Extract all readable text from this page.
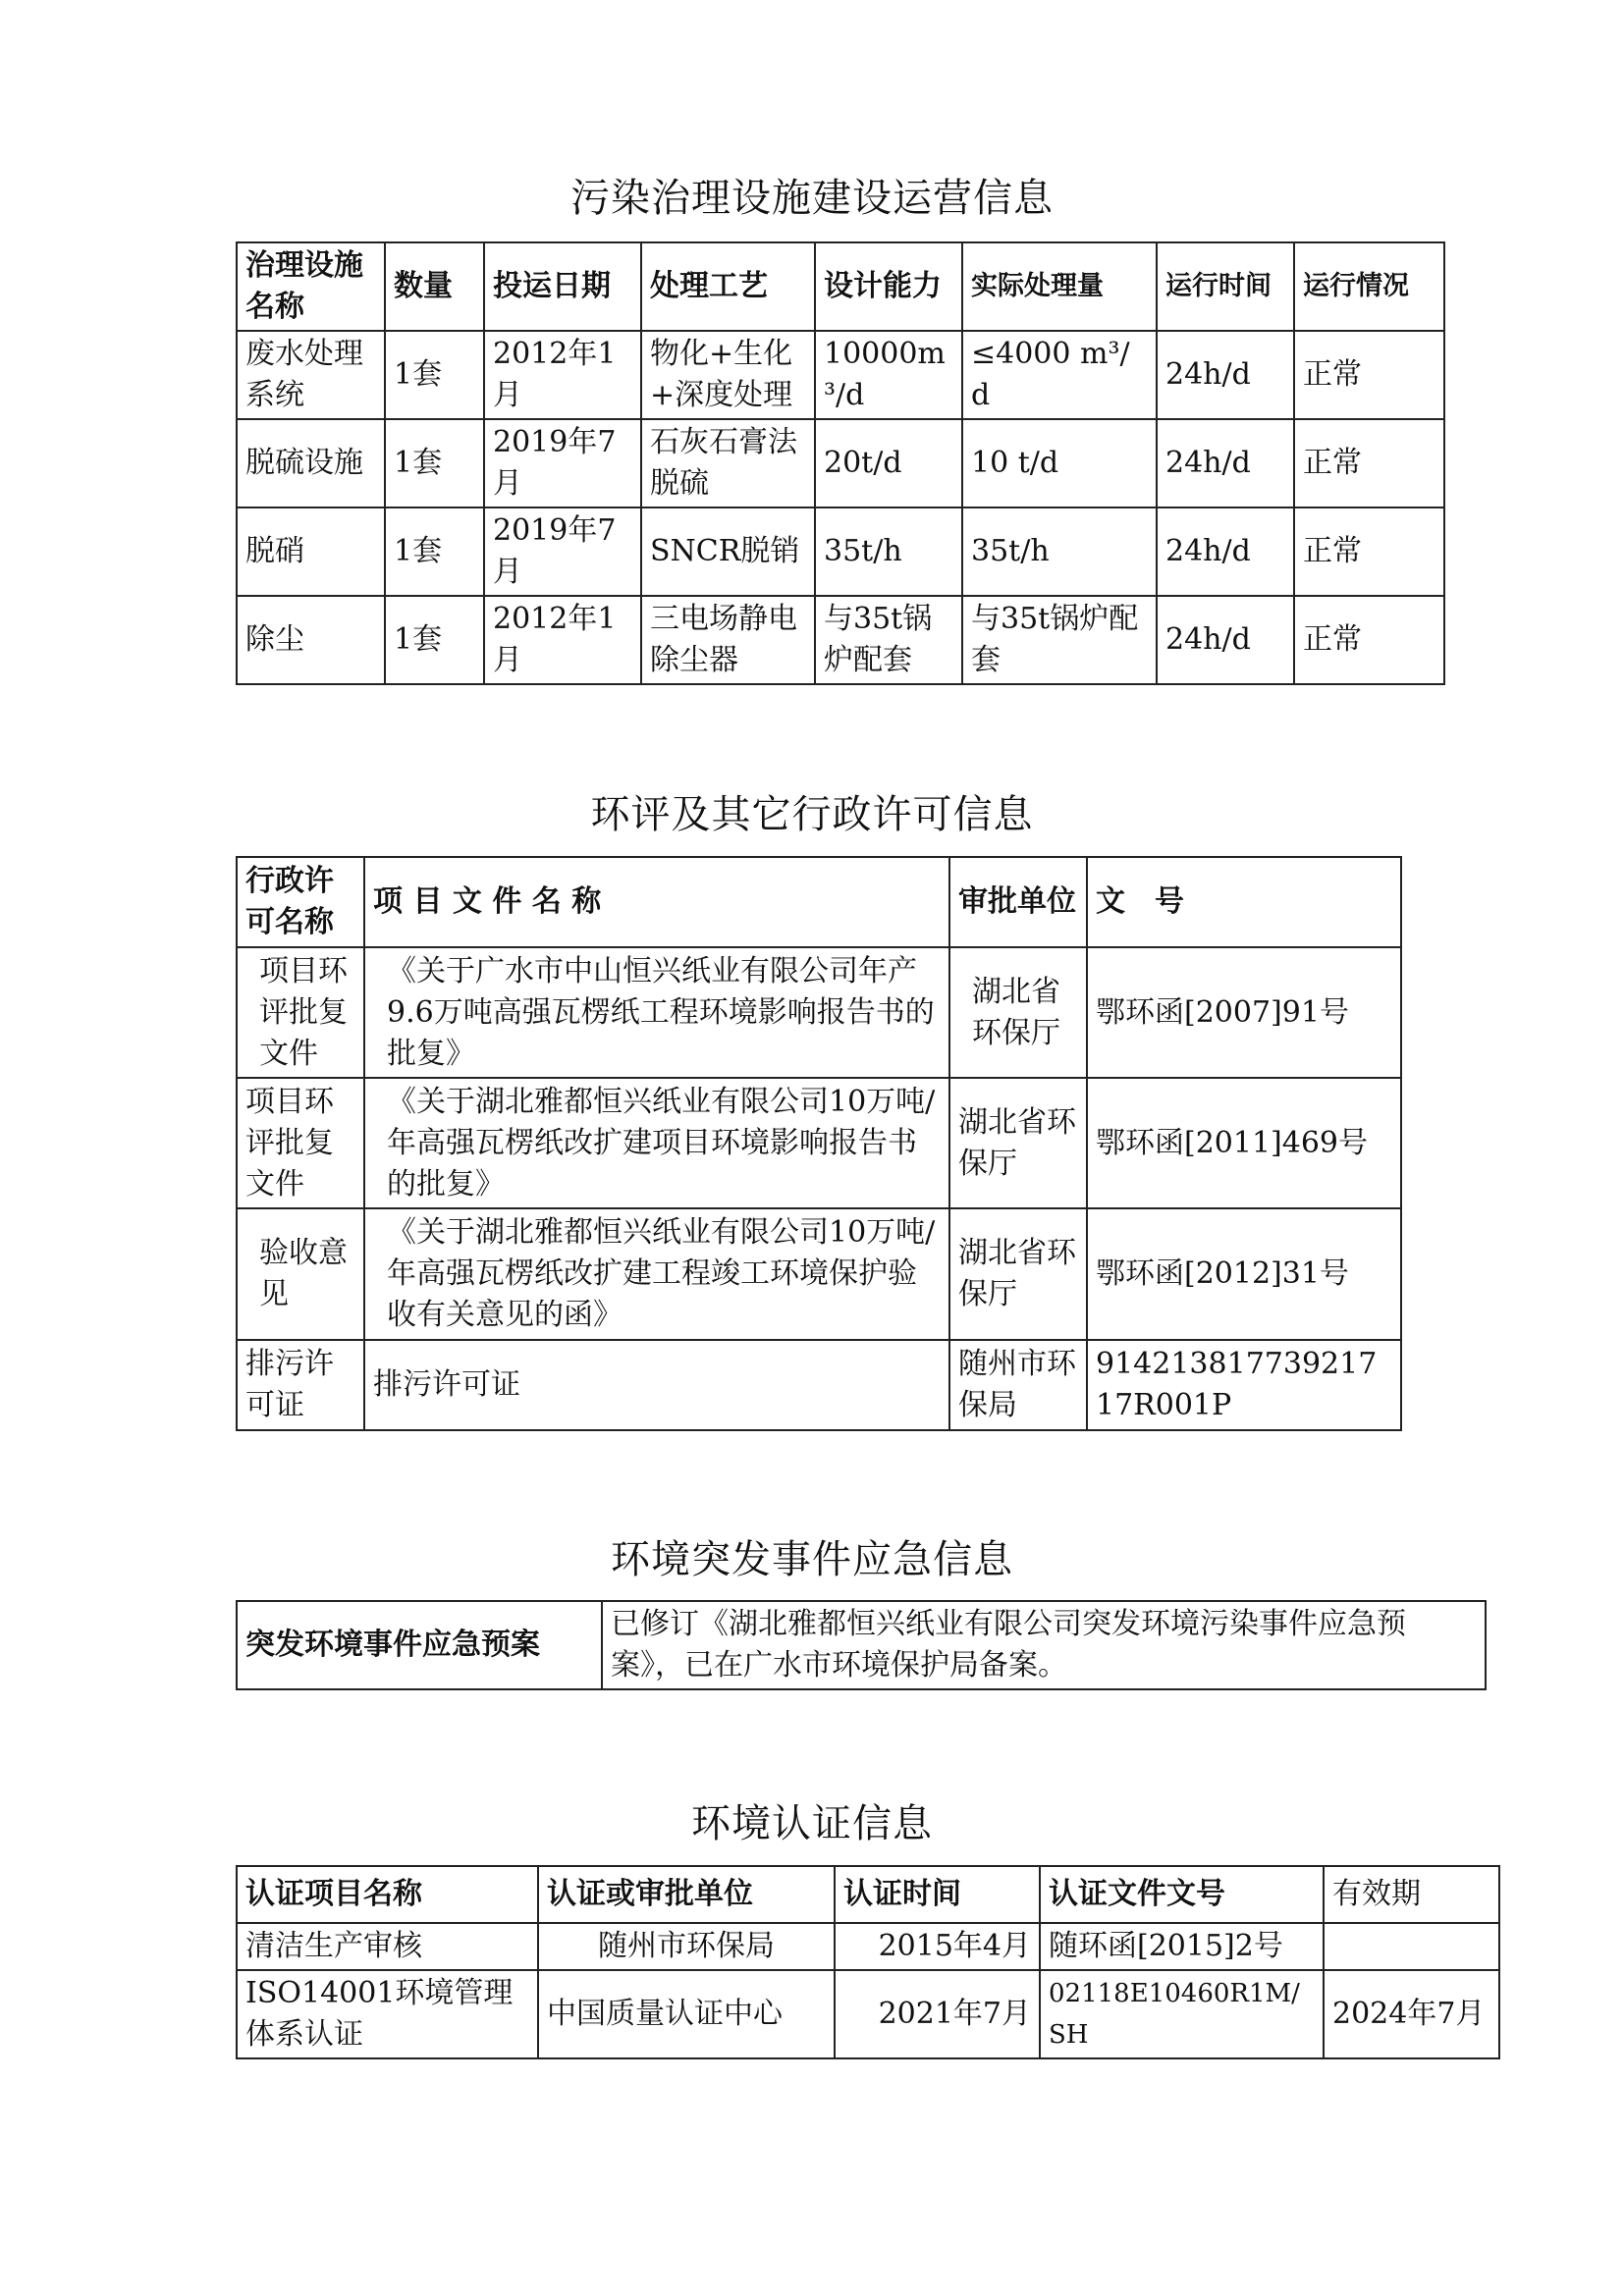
污染治理设施建设运营信息
治理设施名称	数量	投运日期	处理工艺	设计能力	实际处理量	运行时间	运行情况
废水处理系统	1套	2012年1月	物化+生化+深度处理	10000m³/d	≤4000 m³/d	24h/d	正常
脱硫设施	1套	2019年7月	石灰石膏法脱硫	20t/d	10 t/d	24h/d	正常
脱硝	1套	2019年7月	SNCR脱销	35t/h	35t/h	24h/d	正常
除尘	1套	2012年1月	三电场静电除尘器	与35t锅炉配套	与35t锅炉配套	24h/d	正常
环评及其它行政许可信息
行政许可名称	项 目 文 件 名 称	审批单位	文　号
项目环评批复文件	《关于广水市中山恒兴纸业有限公司年产9.6万吨高强瓦楞纸工程环境影响报告书的批复》	湖北省环保厅	鄂环函[2007]91号
项目环评批复文件	《关于湖北雅都恒兴纸业有限公司10万吨/年高强瓦楞纸改扩建项目环境影响报告书的批复》	湖北省环保厅	鄂环函[2011]469号
验收意见	《关于湖北雅都恒兴纸业有限公司10万吨/年高强瓦楞纸改扩建工程竣工环境保护验收有关意见的函》	湖北省环保厅	鄂环函[2012]31号
排污许可证	排污许可证	随州市环保局	91421381773921717R001P
环境突发事件应急信息
突发环境事件应急预案	已修订《湖北雅都恒兴纸业有限公司突发环境污染事件应急预案》，已在广水市环境保护局备案。
环境认证信息
认证项目名称	认证或审批单位	认证时间	认证文件文号	有效期
清洁生产审核	随州市环保局	2015年4月	随环函[2015]2号	
ISO14001环境管理体系认证	中国质量认证中心	2021年7月	02118E10460R1M/SH	2024年7月
